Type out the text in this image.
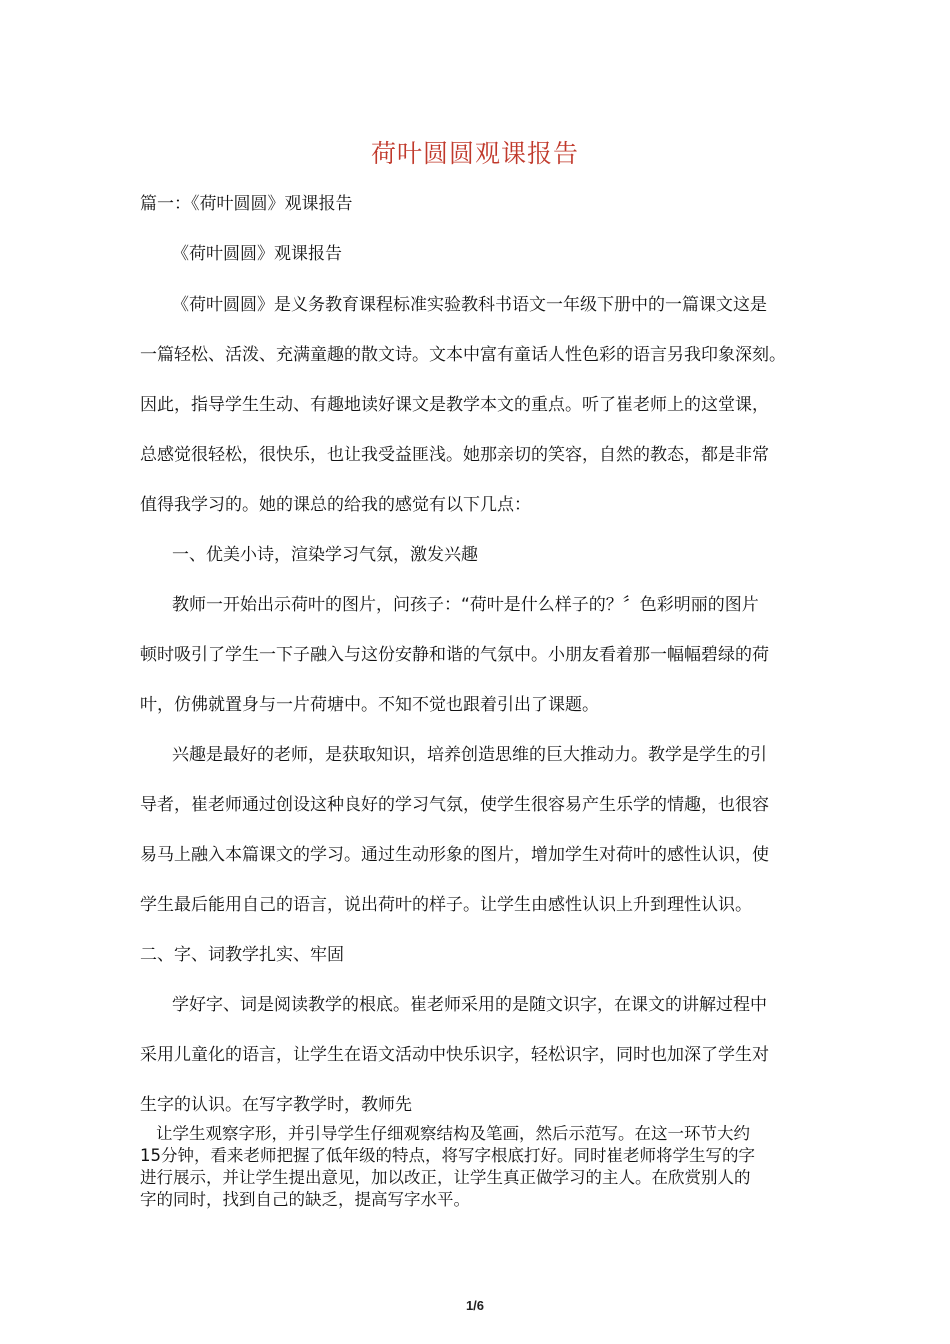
荷叶圆圆观课报告
篇一：《荷叶圆圆》观课报告
《荷叶圆圆》观课报告
《荷叶圆圆》是义务教育课程标准实验教科书语文一年级下册中的一篇课文这是
一篇轻松、活泼、充满童趣的散文诗。文本中富有童话人性色彩的语言另我印象深刻。
因此，指导学生生动、有趣地读好课文是教学本文的重点。听了崔老师上的这堂课，
总感觉很轻松，很快乐，也让我受益匪浅。她那亲切的笑容，自然的教态，都是非常
值得我学习的。她的课总的给我的感觉有以下几点：
一、优美小诗，渲染学习气氛，激发兴趣
教师一开始出示荷叶的图片，问孩子：“荷叶是什么样子的？〞色彩明丽的图片
顿时吸引了学生一下子融入与这份安静和谐的气氛中。小朋友看着那一幅幅碧绿的荷
叶，仿佛就置身与一片荷塘中。不知不觉也跟着引出了课题。
兴趣是最好的老师，是获取知识，培养创造思维的巨大推动力。教学是学生的引
导者，崔老师通过创设这种良好的学习气氛，使学生很容易产生乐学的情趣，也很容
易马上融入本篇课文的学习。通过生动形象的图片，增加学生对荷叶的感性认识，使
学生最后能用自己的语言，说出荷叶的样子。让学生由感性认识上升到理性认识。
二、字、词教学扎实、牢固
学好字、词是阅读教学的根底。崔老师采用的是随文识字，在课文的讲解过程中
采用儿童化的语言，让学生在语文活动中快乐识字，轻松识字，同时也加深了学生对
生字的认识。在写字教学时，教师先
让学生观察字形，并引导学生仔细观察结构及笔画，然后示范写。在这一环节大约
15分钟，看来老师把握了低年级的特点，将写字根底打好。同时崔老师将学生写的字
进行展示，并让学生提出意见，加以改正，让学生真正做学习的主人。在欣赏别人的
字的同时，找到自己的缺乏，提高写字水平。
1/6
